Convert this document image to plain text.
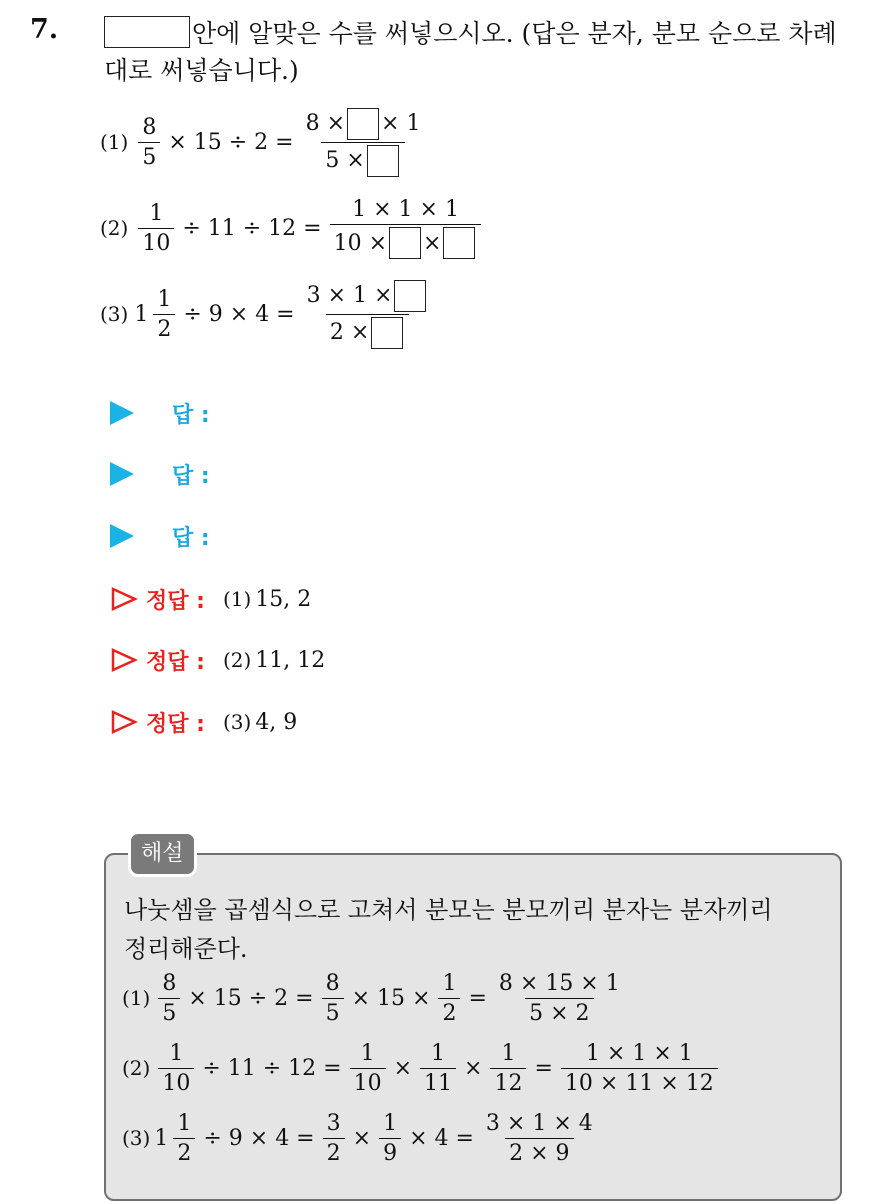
7.	안에 알맞은 수를 써넣으시오. (답은 분자, 분모 순으로 차례
대로 써넣습니다.)
$(1) \frac{8}{5} \times 15 \div 2 = \frac{8 \times \times 1}{5 \times}$
$(2) \frac{1}{10} \div 11 \div 12 = \frac{1 \times 1 \times 1}{10 \times \times}$
(3) $1 \frac{1}{2} \div 9 \times 4 = \frac{3 \times 1 \times}{2 \times}$
답 :
답 :
답 :
정답 : (1) 15, 2
정답 : (2) 11, 12
정답 : (3) 4, 9
해설
나눗셈을 곱셈식으로 고쳐서 분모는 분모끼리 분자는 분자끼리
정리해준다.
$(1) \frac{8}{5} \times 15 \div 2 = \frac{8}{5} \times 15 \times \frac{1}{2} = \frac{8 \times 15 \times 1}{5 \times 2}$
$(2) \frac{1}{10} \div 11 \div 12 = \frac{1}{10} \times \frac{1}{11} \times \frac{1}{12} = \frac{1 \times 1 \times 1}{10 \times 11 \times 12}$
(3) $1 \frac{1}{2} \div 9 \times 4 = \frac{3}{2} \times \frac{1}{9} \times 4 = \frac{3 \times 1 \times 4}{2 \times 9}$
